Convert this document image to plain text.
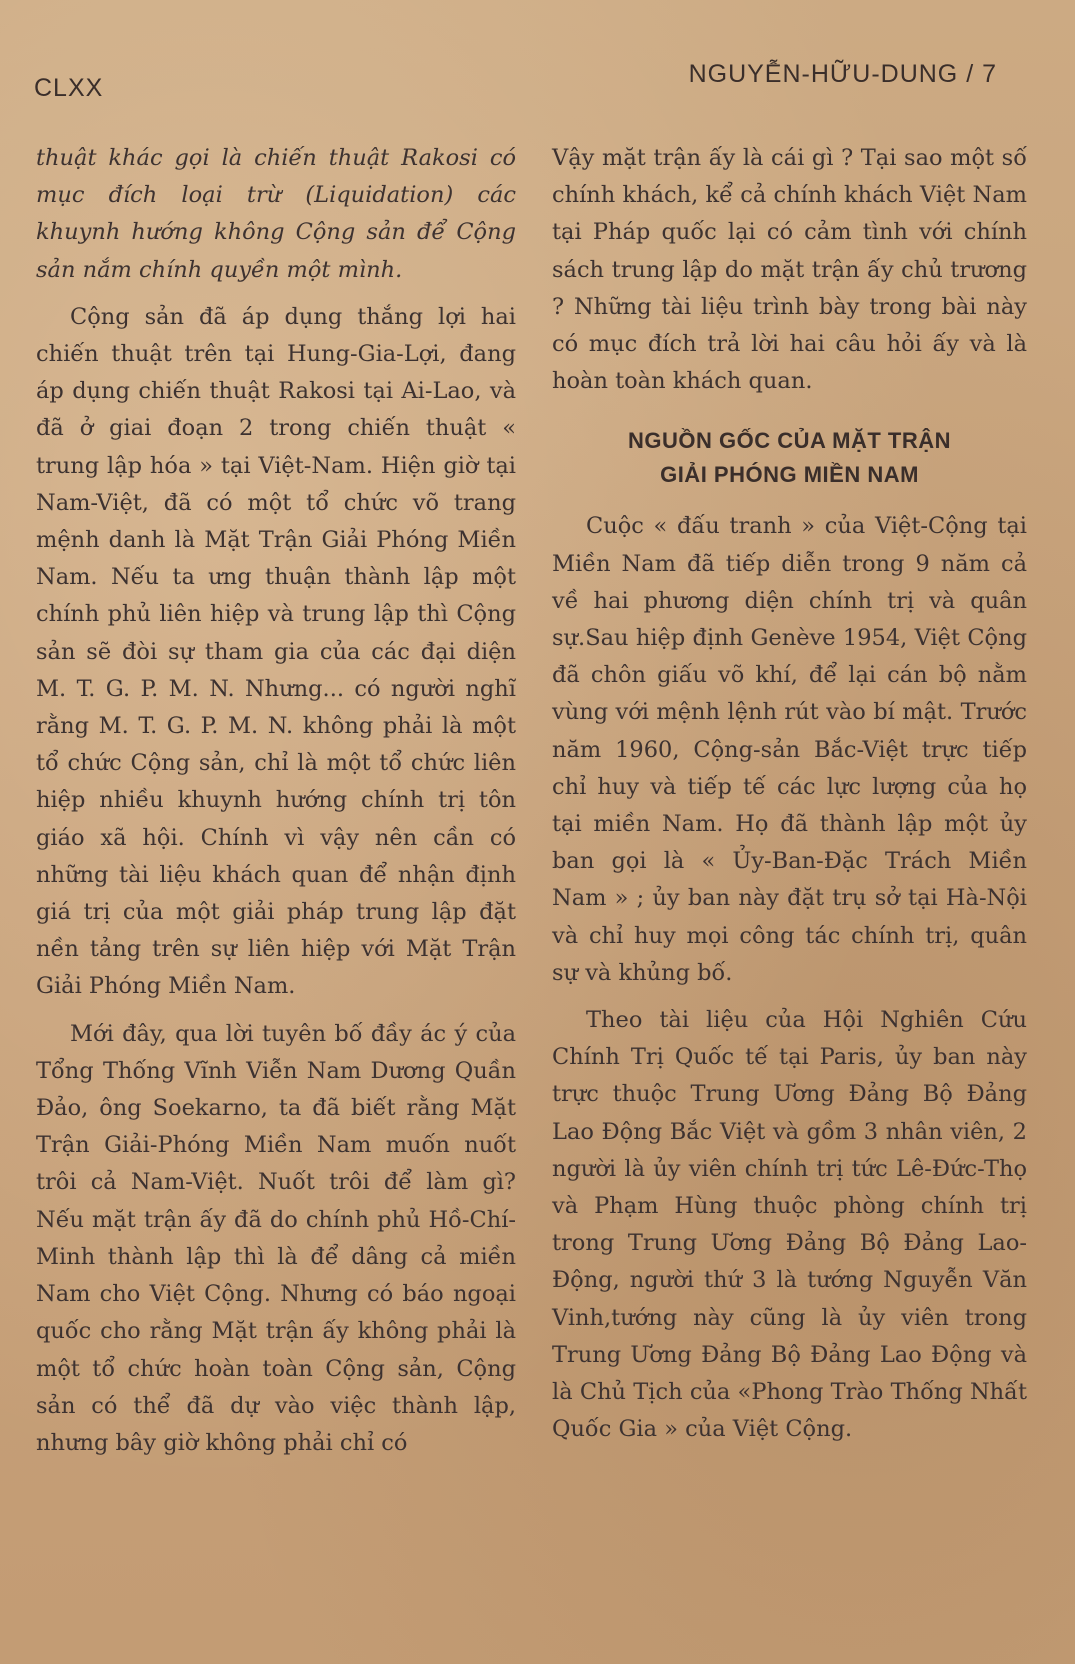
CLXX	NGUYỄN-HỮU-DUNG / 7

thuật khác gọi là chiến thuật Rakosi có mục đích loại trừ (Liquidation) các khuynh hướng không Cộng sản để Cộng sản nắm chính quyền một mình.

Cộng sản đã áp dụng thắng lợi hai chiến thuật trên tại Hung-Gia-Lợi, đang áp dụng chiến thuật Rakosi tại Ai-Lao, và đã ở giai đoạn 2 trong chiến thuật « trung lập hóa » tại Việt-Nam. Hiện giờ tại Nam-Việt, đã có một tổ chức võ trang mệnh danh là Mặt Trận Giải Phóng Miền Nam. Nếu ta ưng thuận thành lập một chính phủ liên hiệp và trung lập thì Cộng sản sẽ đòi sự tham gia của các đại diện M. T. G. P. M. N. Nhưng... có người nghĩ rằng M. T. G. P. M. N. không phải là một tổ chức Cộng sản, chỉ là một tổ chức liên hiệp nhiều khuynh hướng chính trị tôn giáo xã hội. Chính vì vậy nên cần có những tài liệu khách quan để nhận định giá trị của một giải pháp trung lập đặt nền tảng trên sự liên hiệp với Mặt Trận Giải Phóng Miền Nam.

Mới đây, qua lời tuyên bố đầy ác ý của Tổng Thống Vĩnh Viễn Nam Dương Quần Đảo, ông Soekarno, ta đã biết rằng Mặt Trận Giải-Phóng Miền Nam muốn nuốt trôi cả Nam-Việt. Nuốt trôi để làm gì? Nếu mặt trận ấy đã do chính phủ Hồ-Chí-Minh thành lập thì là để dâng cả miền Nam cho Việt Cộng. Nhưng có báo ngoại quốc cho rằng Mặt trận ấy không phải là một tổ chức hoàn toàn Cộng sản, Cộng sản có thể đã dự vào việc thành lập, nhưng bây giờ không phải chỉ có

Vậy mặt trận ấy là cái gì ? Tại sao một số chính khách, kể cả chính khách Việt Nam tại Pháp quốc lại có cảm tình với chính sách trung lập do mặt trận ấy chủ trương ? Những tài liệu trình bày trong bài này có mục đích trả lời hai câu hỏi ấy và là hoàn toàn khách quan.

NGUỒN GỐC CỦA MẶT TRẬN
GIẢI PHÓNG MIỀN NAM

Cuộc « đấu tranh » của Việt-Cộng tại Miền Nam đã tiếp diễn trong 9 năm cả về hai phương diện chính trị và quân sự.Sau hiệp định Genève 1954, Việt Cộng đã chôn giấu võ khí, để lại cán bộ nằm vùng với mệnh lệnh rút vào bí mật. Trước năm 1960, Cộng-sản Bắc-Việt trực tiếp chỉ huy và tiếp tế các lực lượng của họ tại miền Nam. Họ đã thành lập một ủy ban gọi là « Ủy-Ban-Đặc Trách Miền Nam » ; ủy ban này đặt trụ sở tại Hà-Nội và chỉ huy mọi công tác chính trị, quân sự và khủng bố.

Theo tài liệu của Hội Nghiên Cứu Chính Trị Quốc tế tại Paris, ủy ban này trực thuộc Trung Ương Đảng Bộ Đảng Lao Động Bắc Việt và gồm 3 nhân viên, 2 người là ủy viên chính trị tức Lê-Đức-Thọ và Phạm Hùng thuộc phòng chính trị trong Trung Ương Đảng Bộ Đảng Lao-Động, người thứ 3 là tướng Nguyễn Văn Vinh,tướng này cũng là ủy viên trong Trung Ương Đảng Bộ Đảng Lao Động và là Chủ Tịch của «Phong Trào Thống Nhất Quốc Gia » của Việt Cộng.
